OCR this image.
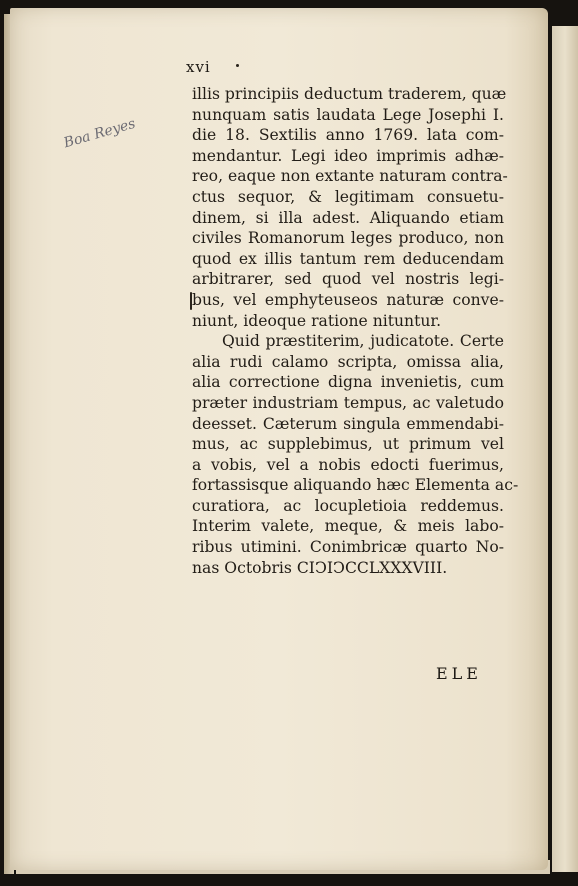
xvi
Boa Reyes
illis principiis deductum traderem, quæ
nunquam satis laudata Lege Josephi I.
die 18. Sextilis anno 1769. lata com-
mendantur. Legi ideo imprimis adhæ-
reo, eaque non extante naturam contra-
ctus sequor, & legitimam consuetu-
dinem, si illa adest. Aliquando etiam
civiles Romanorum leges produco, non
quod ex illis tantum rem deducendam
arbitrarer, sed quod vel nostris legi-
bus, vel emphyteuseos naturæ conve-
niunt, ideoque ratione nituntur.
Quid præstiterim, judicatote. Certe
alia rudi calamo scripta, omissa alia,
alia correctione digna invenietis, cum
præter industriam tempus, ac valetudo
deesset. Cæterum singula emmendabi-
mus, ac supplebimus, ut primum vel
a vobis, vel a nobis edocti fuerimus,
fortassisque aliquando hæc Elementa ac-
curatiora, ac locupletioia reddemus.
Interim valete, meque, & meis labo-
ribus utimini. Conimbricæ quarto No-
nas Octobris CIↃIↃCCLXXXVIII.
ELE
